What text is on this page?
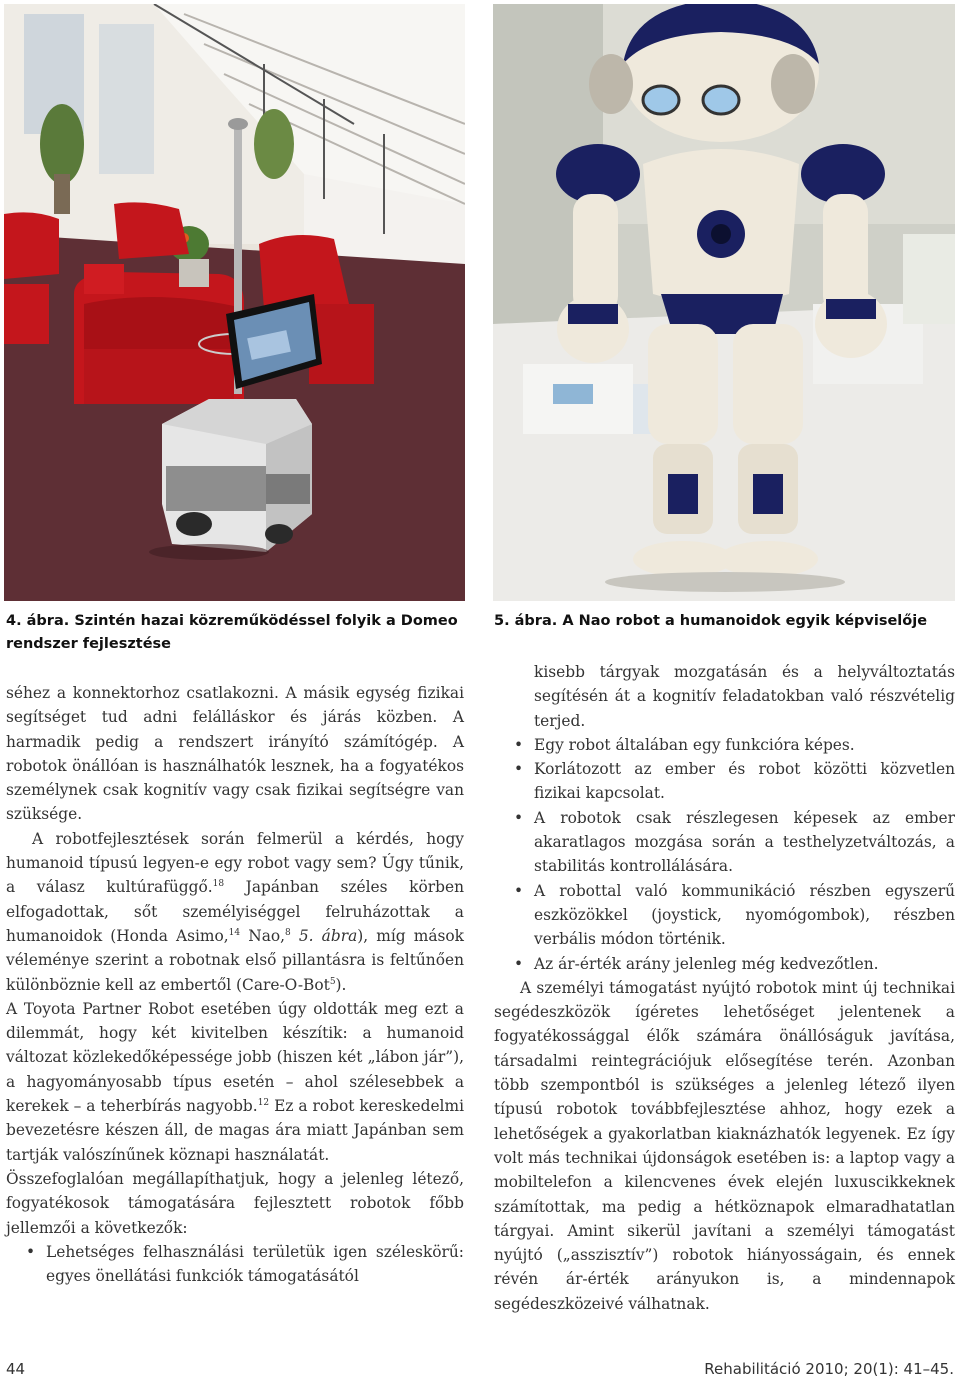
4. ábra. Szintén hazai közreműködéssel folyik a Domeo rendszer fejlesztése
5. ábra. A Nao robot a humanoidok egyik képviselője

séhez a konnektorhoz csatlakozni. A másik egység fizikai segítséget tud adni felálláskor és járás közben. A harmadik pedig a rendszert irányító számítógép. A robotok önállóan is használhatók lesznek, ha a fogyatékos személynek csak kognitív vagy csak fizikai segítségre van szüksége.

A robotfejlesztések során felmerül a kérdés, hogy humanoid típusú legyen-e egy robot vagy sem? Úgy tűnik, a válasz kultúrafüggő.$^{18}$ Japánban széles körben elfogadottak, sőt személyiséggel felruházottak a humanoidok (Honda Asimo,$^{14}$ Nao,$^8$ 5. ábra), míg mások véleménye szerint a robotnak első pillantásra is feltűnően különböznie kell az embertől (Care-O-Bot$^5$).

A Toyota Partner Robot esetében úgy oldották meg ezt a dilemmát, hogy két kivitelben készítik: a humanoid változat közlekedőképessége jobb (hiszen két „lábon jár”), a hagyományosabb típus esetén – ahol szélesebbek a kerekek – a teherbírás nagyobb.$^{12}$ Ez a robot kereskedelmi bevezetésre készen áll, de magas ára miatt Japánban sem tartják valószínűnek köznapi használatát.

Összefoglalóan megállapíthatjuk, hogy a jelenleg létező, fogyatékosok támogatására fejlesztett robotok főbb jellemzői a következők:

• Lehetséges felhasználási területük igen széleskörű: egyes önellátási funkciók támogatásától

kisebb tárgyak mozgatásán és a helyváltoztatás segítésén át a kognitív feladatokban való részvételig terjed.

• Egy robot általában egy funkcióra képes.
• Korlátozott az ember és robot közötti közvetlen fizikai kapcsolat.
• A robotok csak részlegesen képesek az ember akaratlagos mozgása során a testhelyzetváltozás, a stabilitás kontrollálására.
• A robottal való kommunikáció részben egyszerű eszközökkel (joystick, nyomógombok), részben verbális módon történik.
• Az ár-érték arány jelenleg még kedvezőtlen.

A személyi támogatást nyújtó robotok mint új technikai segédeszközök ígéretes lehetőséget jelentenek a fogyatékossággal élők számára önállóságuk javítása, társadalmi reintegrációjuk elősegítése terén. Azonban több szempontból is szükséges a jelenleg létező ilyen típusú robotok továbbfejlesztése ahhoz, hogy ezek a lehetőségek a gyakorlatban kiaknázhatók legyenek. Ez így volt más technikai újdonságok esetében is: a laptop vagy a mobiltelefon a kilencvenes évek elején luxuscikkeknek számítottak, ma pedig a hétköznapok elmaradhatatlan tárgyai. Amint sikerül javítani a személyi támogatást nyújtó („asszisztív”) robotok hiányosságain, és ennek révén ár-érték arányukon is, a mindennapok segédeszközeivé válhatnak.

44	Rehabilitáció 2010; 20(1): 41–45.
